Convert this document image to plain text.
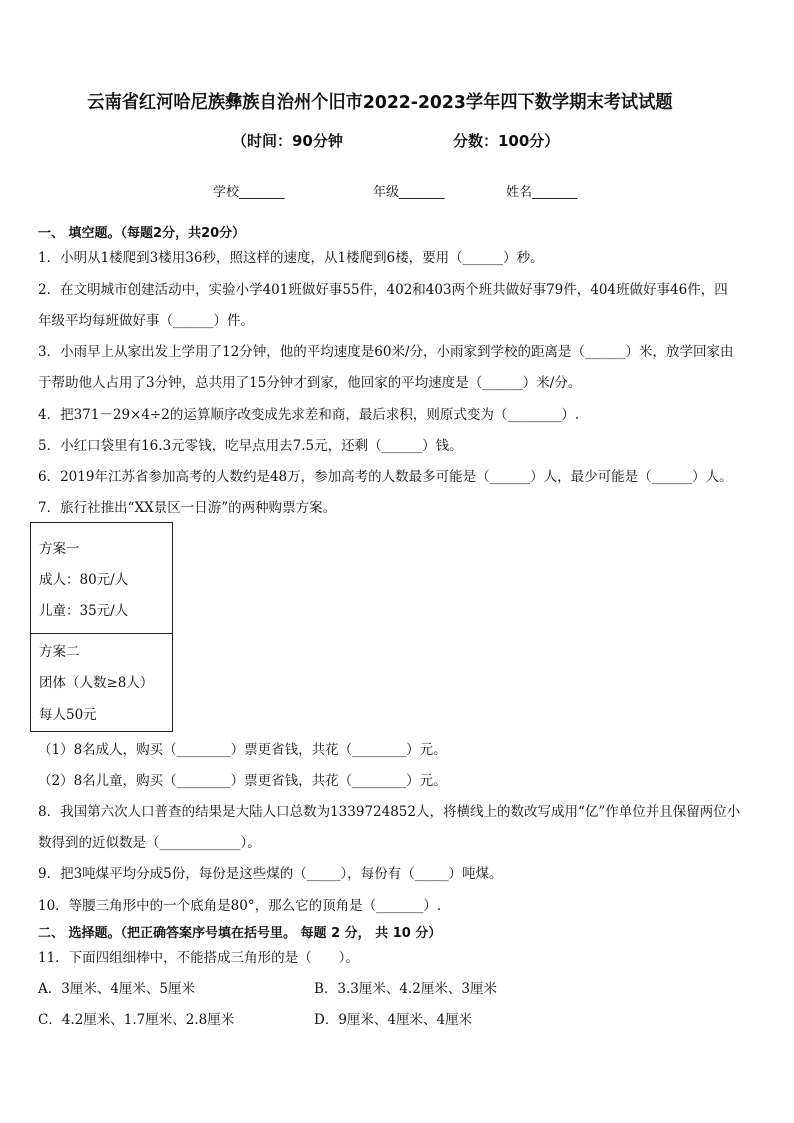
云南省红河哈尼族彝族自治州个旧市2022-2023学年四下数学期末考试试题
（时间：90分钟	分数：100分）
学校_______	年级_______	姓名_______
一、 填空题。（每题2分，共20分）
1．小明从1楼爬到3楼用36秒，照这样的速度，从1楼爬到6楼，要用（______）秒。
2．在文明城市创建活动中，实验小学401班做好事55件，402和403两个班共做好事79件，404班做好事46件，四
年级平均每班做好事（______）件。
3．小雨早上从家出发上学用了12分钟，他的平均速度是60米/分，小雨家到学校的距离是（______）米，放学回家由
于帮助他人占用了3分钟，总共用了15分钟才到家，他回家的平均速度是（______）米/分。
4．把371－29×4÷2的运算顺序改变成先求差和商，最后求积，则原式变为（________）.
5．小红口袋里有16.3元零钱，吃早点用去7.5元，还剩（______）钱。
6．2019年江苏省参加高考的人数约是48万，参加高考的人数最多可能是（______）人，最少可能是（______）人。
7．旅行社推出“XX景区一日游”的两种购票方案。
方案一
成人：80元/人
儿童：35元/人
方案二
团体（人数≥8人）
每人50元
（1）8名成人，购买（________）票更省钱，共花（________）元。
（2）8名儿童，购买（________）票更省钱，共花（________）元。
8．我国第六次人口普查的结果是大陆人口总数为1339724852人，将横线上的数改写成用“亿”作单位并且保留两位小
数得到的近似数是（____________）。
9．把3吨煤平均分成5份，每份是这些煤的（_____），每份有（_____）吨煤。
10．等腰三角形中的一个底角是80°，那么它的顶角是（_______）.
二、 选择题。（把正确答案序号填在括号里。 每题 2 分， 共 10 分）
11．下面四组细棒中，不能搭成三角形的是（　　）。
A．3厘米、4厘米、5厘米	B．3.3厘米、4.2厘米、3厘米
C．4.2厘米、1.7厘米、2.8厘米	D．9厘米、4厘米、4厘米
